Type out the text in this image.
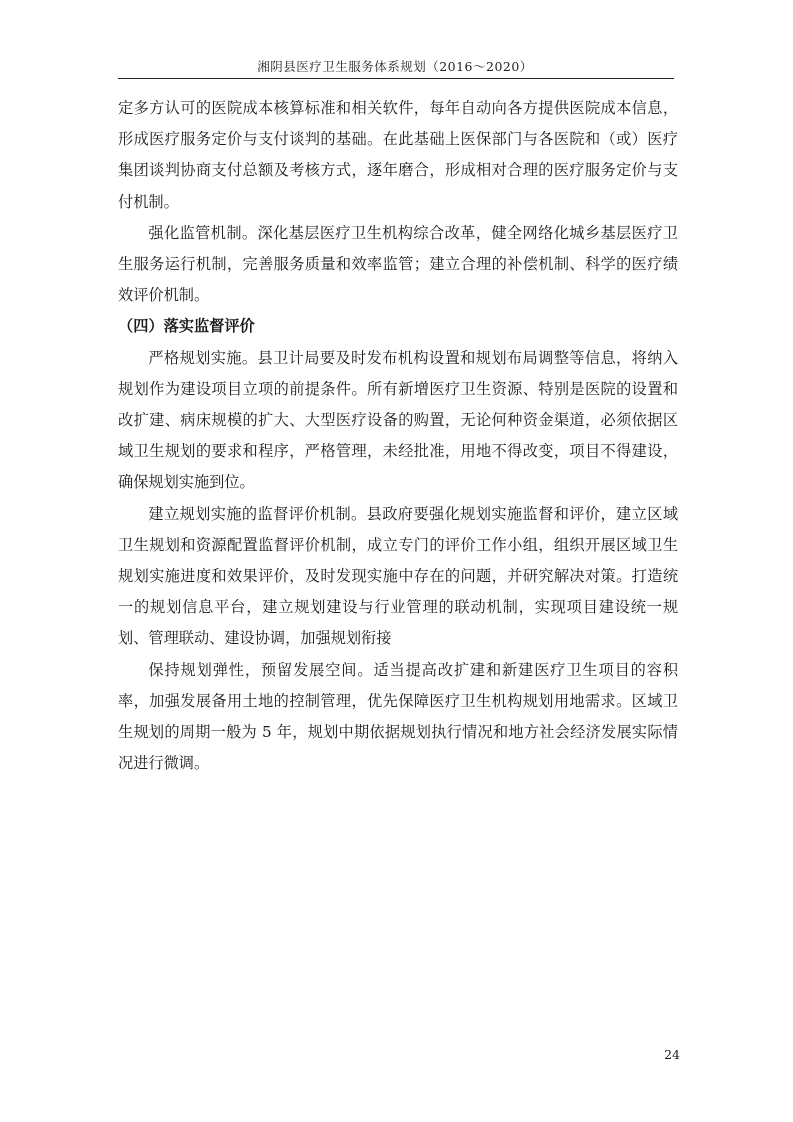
湘阴县医疗卫生服务体系规划（2016～2020）

定多方认可的医院成本核算标准和相关软件，每年自动向各方提供医院成本信息，形成医疗服务定价与支付谈判的基础。在此基础上医保部门与各医院和（或）医疗集团谈判协商支付总额及考核方式，逐年磨合，形成相对合理的医疗服务定价与支付机制。

强化监管机制。深化基层医疗卫生机构综合改革，健全网络化城乡基层医疗卫生服务运行机制，完善服务质量和效率监管；建立合理的补偿机制、科学的医疗绩效评价机制。

（四）落实监督评价

严格规划实施。县卫计局要及时发布机构设置和规划布局调整等信息，将纳入规划作为建设项目立项的前提条件。所有新增医疗卫生资源、特别是医院的设置和改扩建、病床规模的扩大、大型医疗设备的购置，无论何种资金渠道，必须依据区域卫生规划的要求和程序，严格管理，未经批准，用地不得改变，项目不得建设，确保规划实施到位。

建立规划实施的监督评价机制。县政府要强化规划实施监督和评价，建立区域卫生规划和资源配置监督评价机制，成立专门的评价工作小组，组织开展区域卫生规划实施进度和效果评价，及时发现实施中存在的问题，并研究解决对策。打造统一的规划信息平台，建立规划建设与行业管理的联动机制，实现项目建设统一规划、管理联动、建设协调，加强规划衔接

保持规划弹性，预留发展空间。适当提高改扩建和新建医疗卫生项目的容积率，加强发展备用土地的控制管理，优先保障医疗卫生机构规划用地需求。区域卫生规划的周期一般为 5 年，规划中期依据规划执行情况和地方社会经济发展实际情况进行微调。

24
